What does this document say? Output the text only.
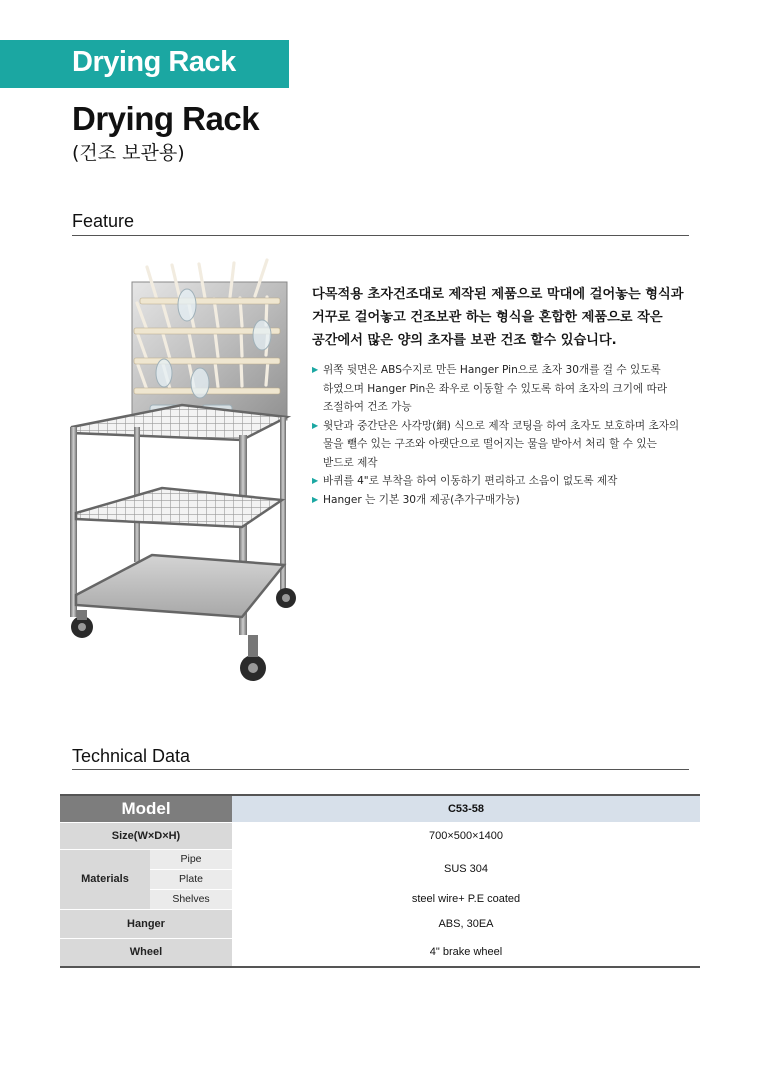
Drying Rack
Drying Rack
(건조 보관용)
Feature
다목적용 초자건조대로 제작된 제품으로 막대에 걸어놓는 형식과
거꾸로 걸어놓고 건조보관 하는 형식을 혼합한 제품으로 작은
공간에서 많은 양의 초자를 보관 건조 할수 있습니다.
▶ 위쪽 뒷면은 ABS수지로 만든 Hanger Pin으로 초자 30개를 걸 수 있도록
하였으며 Hanger Pin은 좌우로 이동할 수 있도록 하여 초자의 크기에 따라
조절하여 건조 가능
▶ 윗단과 중간단은 사각망(網) 식으로 제작 코팅을 하여 초자도 보호하며 초자의
물을 뺄수 있는 구조와 아랫단으로 떨어지는 물을 받아서 처리 할 수 있는
받드로 제작
▶ 바퀴를 4"로 부착을 하여 이동하기 편리하고 소음이 없도록 제작
▶ Hanger 는 기본 30개 제공(추가구매가능)
Technical Data
Model		C53-58
Size(W×D×H)		700×500×1400
Materials	Pipe	SUS 304
	Plate	
	Shelves	steel wire+ P.E coated
Hanger		ABS, 30EA
Wheel		4" brake wheel
